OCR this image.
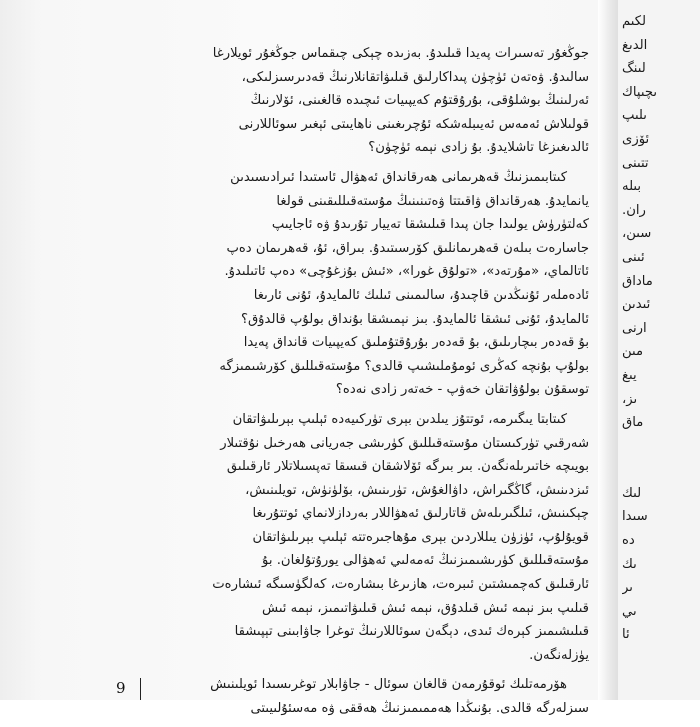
جوڭغۇر تەسىرات پەيدا قىلىدۇ. بەزىدە چېكى چىقماس جوڭغۇر ئويلارغا
سالىدۇ. ۋەتەن ئۈچۈن پىداكارلىق قىلىۋاتقانلارنىڭ قەدىرسىزلىكى،
ئەرلىنىڭ بوشلۇقى، بۇرۇقتۇم كەيپىيات ئىچىدە قالغىنى، ئۆلارنىڭ
قولىلاش ئەمەس ئەيىبلەشكە ئۇچرىغىنى ناھايىتى ئېغىر سوئاللارنى
ئالدىغىزغا تاشلايدۇ. بۇ زادى نېمە ئۈچۈن؟

كىتابىمىزنىڭ قەھرىمانى ھەرقانداق ئەھۋال ئاستىدا ئىرادىسىدىن
يانمايدۇ. ھەرقانداق ۋاقىتتا ۋەتىنىنىڭ مۇستەقىللىقىنى قولغا
كەلتۈرۈش يولىدا جان پىدا قىلىشقا تەييار تۇرىدۇ ۋە ئاجايىپ
جاسارەت بىلەن قەھرىمانلىق كۆرسىتىدۇ. بىراق، ئۇ، قەھرىمان دەپ
ئاتالماي، «مۇرتەد»، «تولۇق غورا»، «ئىش بۇزغۇچى» دەپ ئاتىلىدۇ.
ئادەملەر ئۇنىڭدىن قاچىدۇ، سالىمىنى ئىلىك ئالمايدۇ، ئۇنى ئارىغا
ئالمايدۇ، ئۇنى ئىشقا ئالمايدۇ. بىز نېمىشقا بۇنداق بولۇپ قالدۇق؟
بۇ قەدەر بىچارىلىق، بۇ قەدەر بۇرۇقتۇملىق كەيپىيات قانداق پەيدا
بولۇپ بۇنچە كەڭرى ئومۇملىشىپ قالدى؟ مۇستەقىللىق كۆرشىمىزگە
توسقۇن بولۇۋاتقان خەۋپ - خەتەر زادى نەدە؟

كىتابتا يىگىرمە، ئوتتۇز يىلدىن بېرى تۈركىيەدە ئېلىپ بېرىلىۋاتقان
شەرقىي تۈركىستان مۇستەقىللىق كۈرىشى جەريانى ھەرخىل نۇقتىلار
بويىچە خاتىرىلەنگەن. بىر بىرگە ئۆلاشقان قىسقا تەپسىلاتلار ئارقىلىق
ئىزدىنىش، گاڭگىراش، داۋالغۇش، تۈرىنىش، بۆلۈنۈش، تويلىنىش،
چېكىنىش، ئىلگىرىلەش قاتارلىق ئەھۋاللار بەردازلانماي ئوتتۇرىغا
قويۇلۇپ، ئۈزۈن يىللاردىن بېرى مۇھاجىرەتتە ئېلىپ بېرىلىۋاتقان
مۇستەقىللىق كۈرىشىمىزنىڭ ئەمەلىي ئەھۋالى يورۇتۇلغان. بۇ
ئارقىلىق كەچمىشتىن ئىبرەت، ھازىرغا بىشارەت، كەلگۈسىگە ئىشارەت
قىلىپ بىز نېمە ئىش قىلدۇق، نېمە ئىش قىلىۋاتىمىز، نېمە ئىش
قىلىشىمىز كېرەك ئىدى، دېگەن سوئاللارنىڭ توغرا جاۋابىنى تېپىشقا
يۈزلەنگەن.

ھۆرمەتلىك ئوقۇرمەن قالغان سوئال - جاۋابلار توغرىسىدا ئويلىنىش
سىزلەرگە قالدى. بۇنىڭدا ھەممىمىزنىڭ ھەققى ۋە مەسئۇلىيىتى

لكىم
الدىغ
لىنگ
ىچىپاك
ىلىپ
ئۆزى
تتىنى
بىلە
ران.
سىن،
ئىنى
ماداق
ئىدىن
ارنى
مىن
يىغ
ىز،
ماق

لىك
سىدا
دە
ىك
ىر
ىي
ئا
9
